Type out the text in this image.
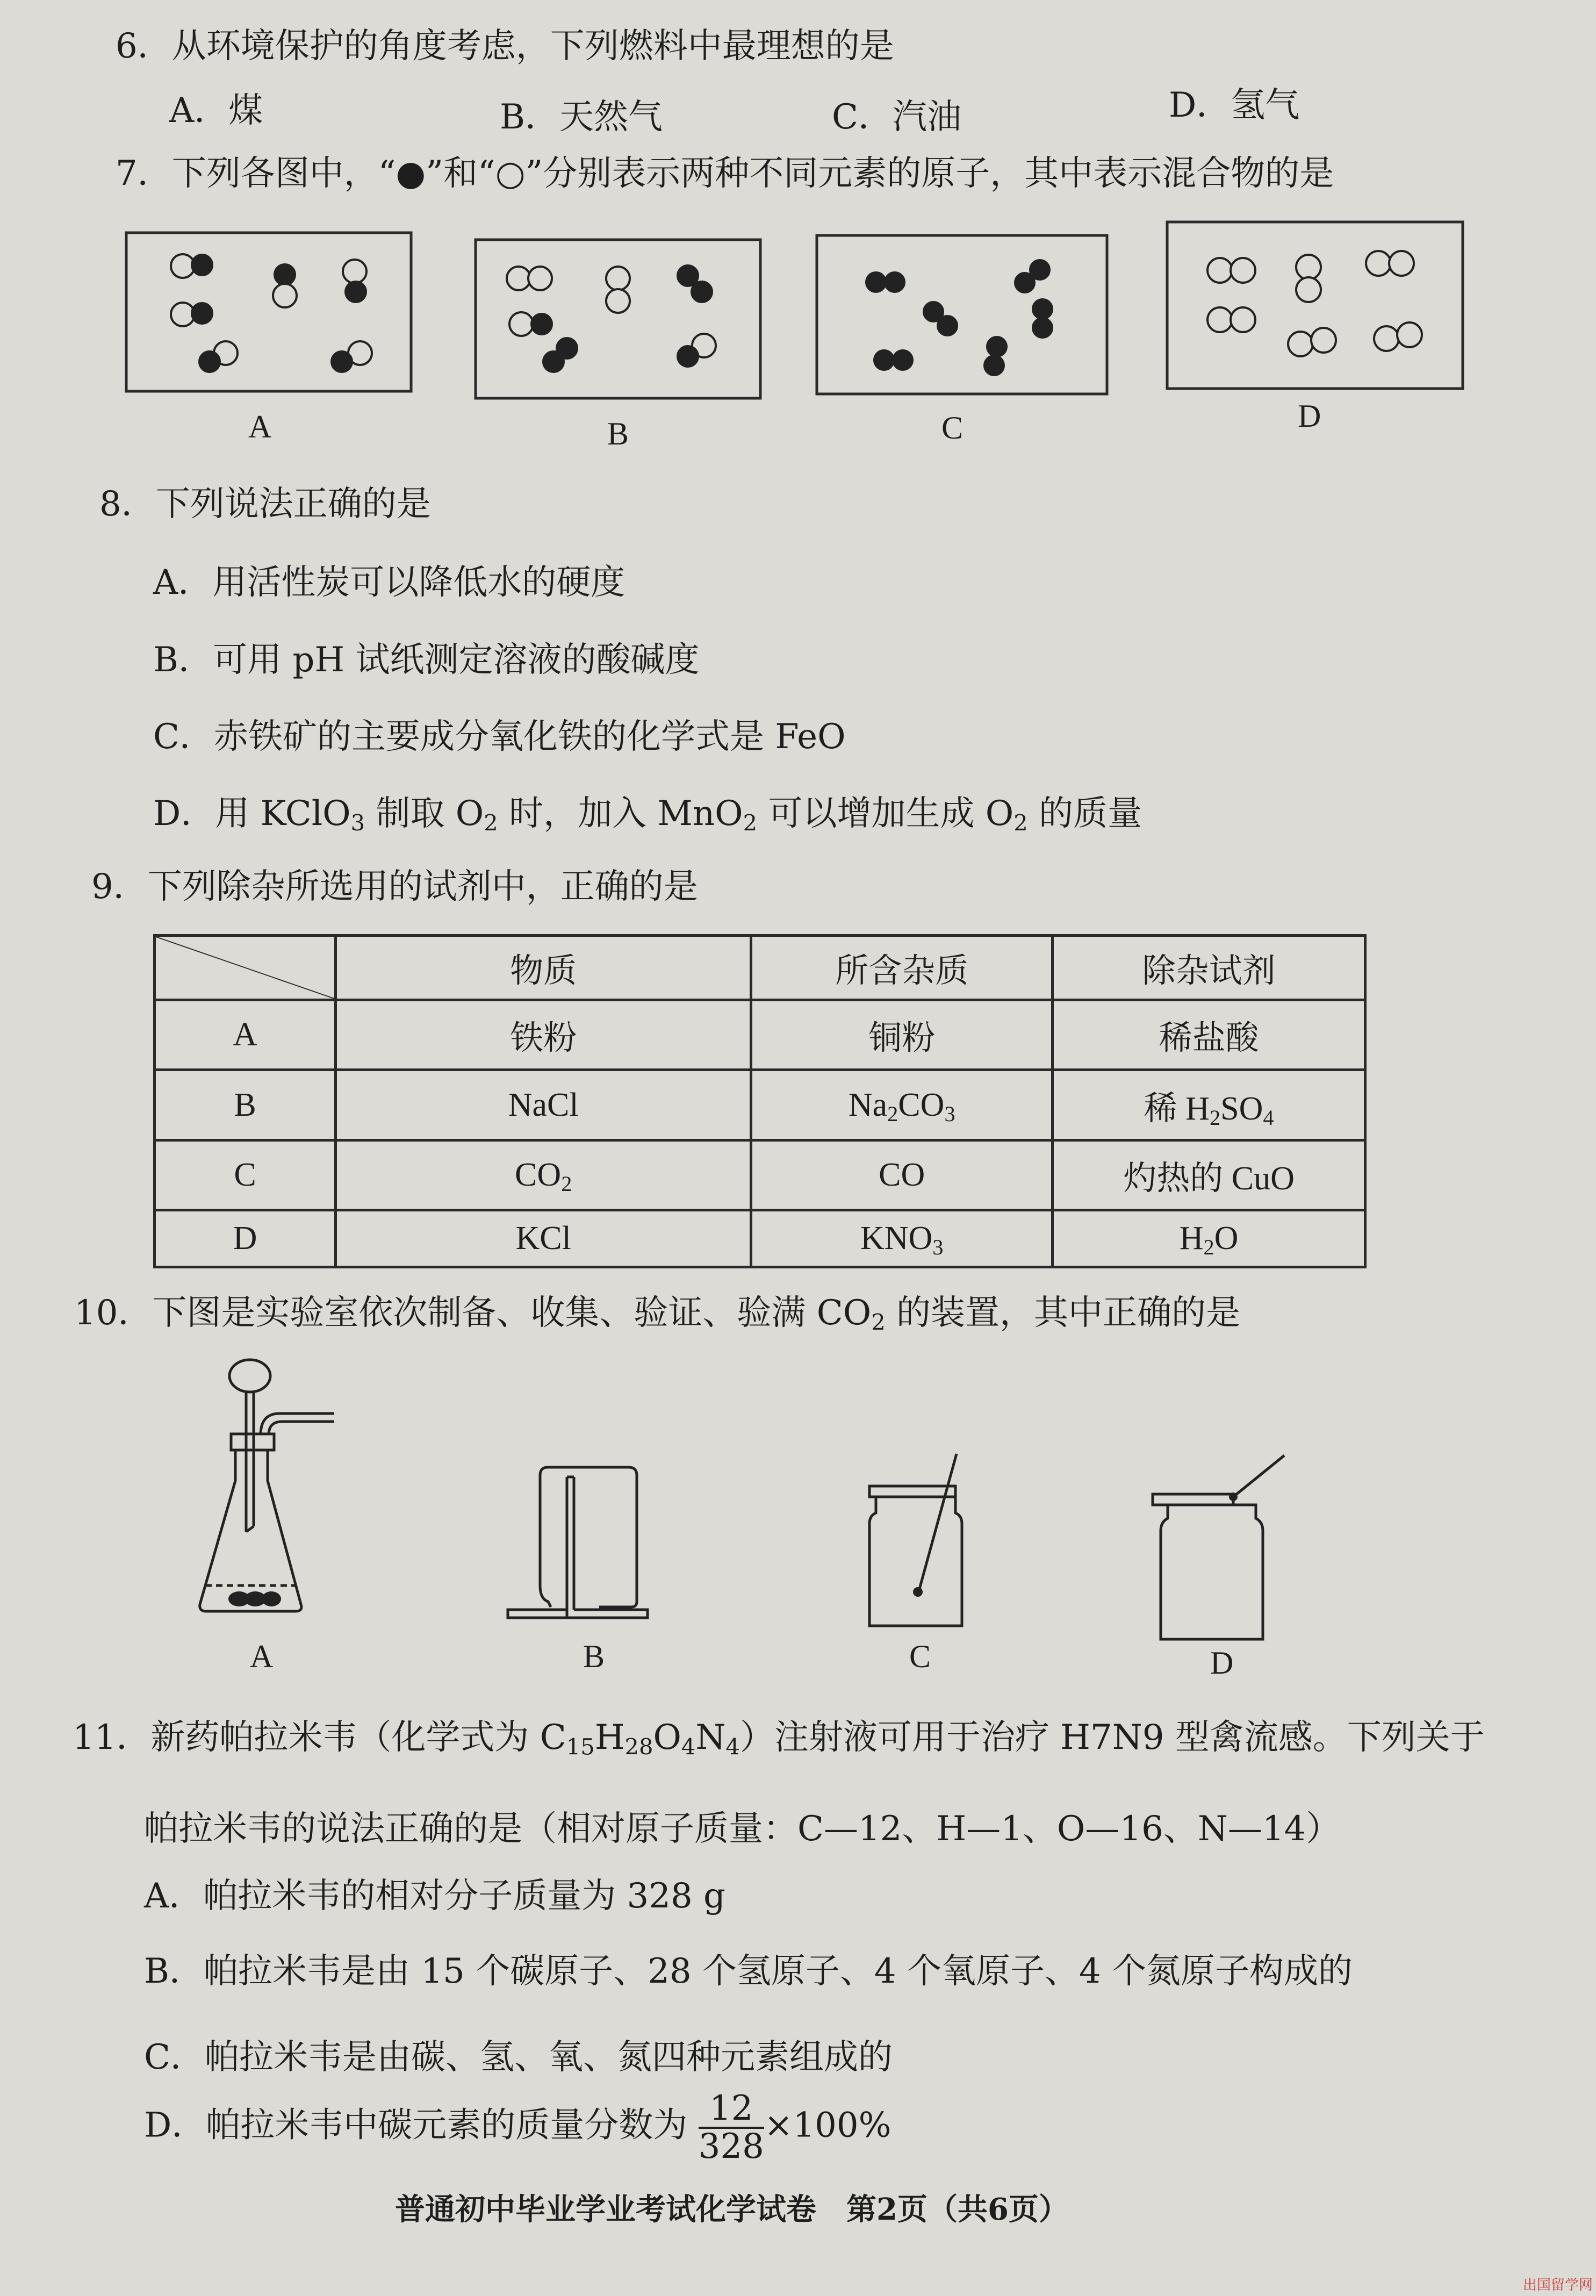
6．从环境保护的角度考虑，下列燃料中最理想的是
A．煤	B．天然气	C．汽油	D．氢气
7．下列各图中，“●”和“○”分别表示两种不同元素的原子，其中表示混合物的是
A	B	C	D
8．下列说法正确的是
A．用活性炭可以降低水的硬度
B．可用 pH 试纸测定溶液的酸碱度
C．赤铁矿的主要成分氧化铁的化学式是 FeO
D．用 KClO$_3$ 制取 $O_2$ 时，加入 MnO$_2$ 可以增加生成 $O_2$ 的质量
9．下列除杂所选用的试剂中，正确的是
	物质	所含杂质	除杂试剂
A	铁粉	铜粉	稀盐酸
B	NaCl	$Na_2CO_3$	稀 $H_2SO_4$
C	$CO_2$	CO	灼热的 CuO
D	KCl	$KNO_3$	$H_2O$
10．下图是实验室依次制备、收集、验证、验满 $CO_2$ 的装置，其中正确的是
A	B	C	D
11．新药帕拉米韦（化学式为 $C_{15}H_{28}O_4N_4$）注射液可用于治疗 H7N9 型禽流感。下列关于
帕拉米韦的说法正确的是（相对原子质量：C—12、H—1、O—16、N—14）
A．帕拉米韦的相对分子质量为 328 g
B．帕拉米韦是由 15 个碳原子、28 个氢原子、4 个氧原子、4 个氮原子构成的
C．帕拉米韦是由碳、氢、氧、氮四种元素组成的
D．帕拉米韦中碳元素的质量分数为 $\frac{12}{328} \times 100\%$
普通初中毕业学业考试化学试卷　第2页（共6页）
出国留学网
